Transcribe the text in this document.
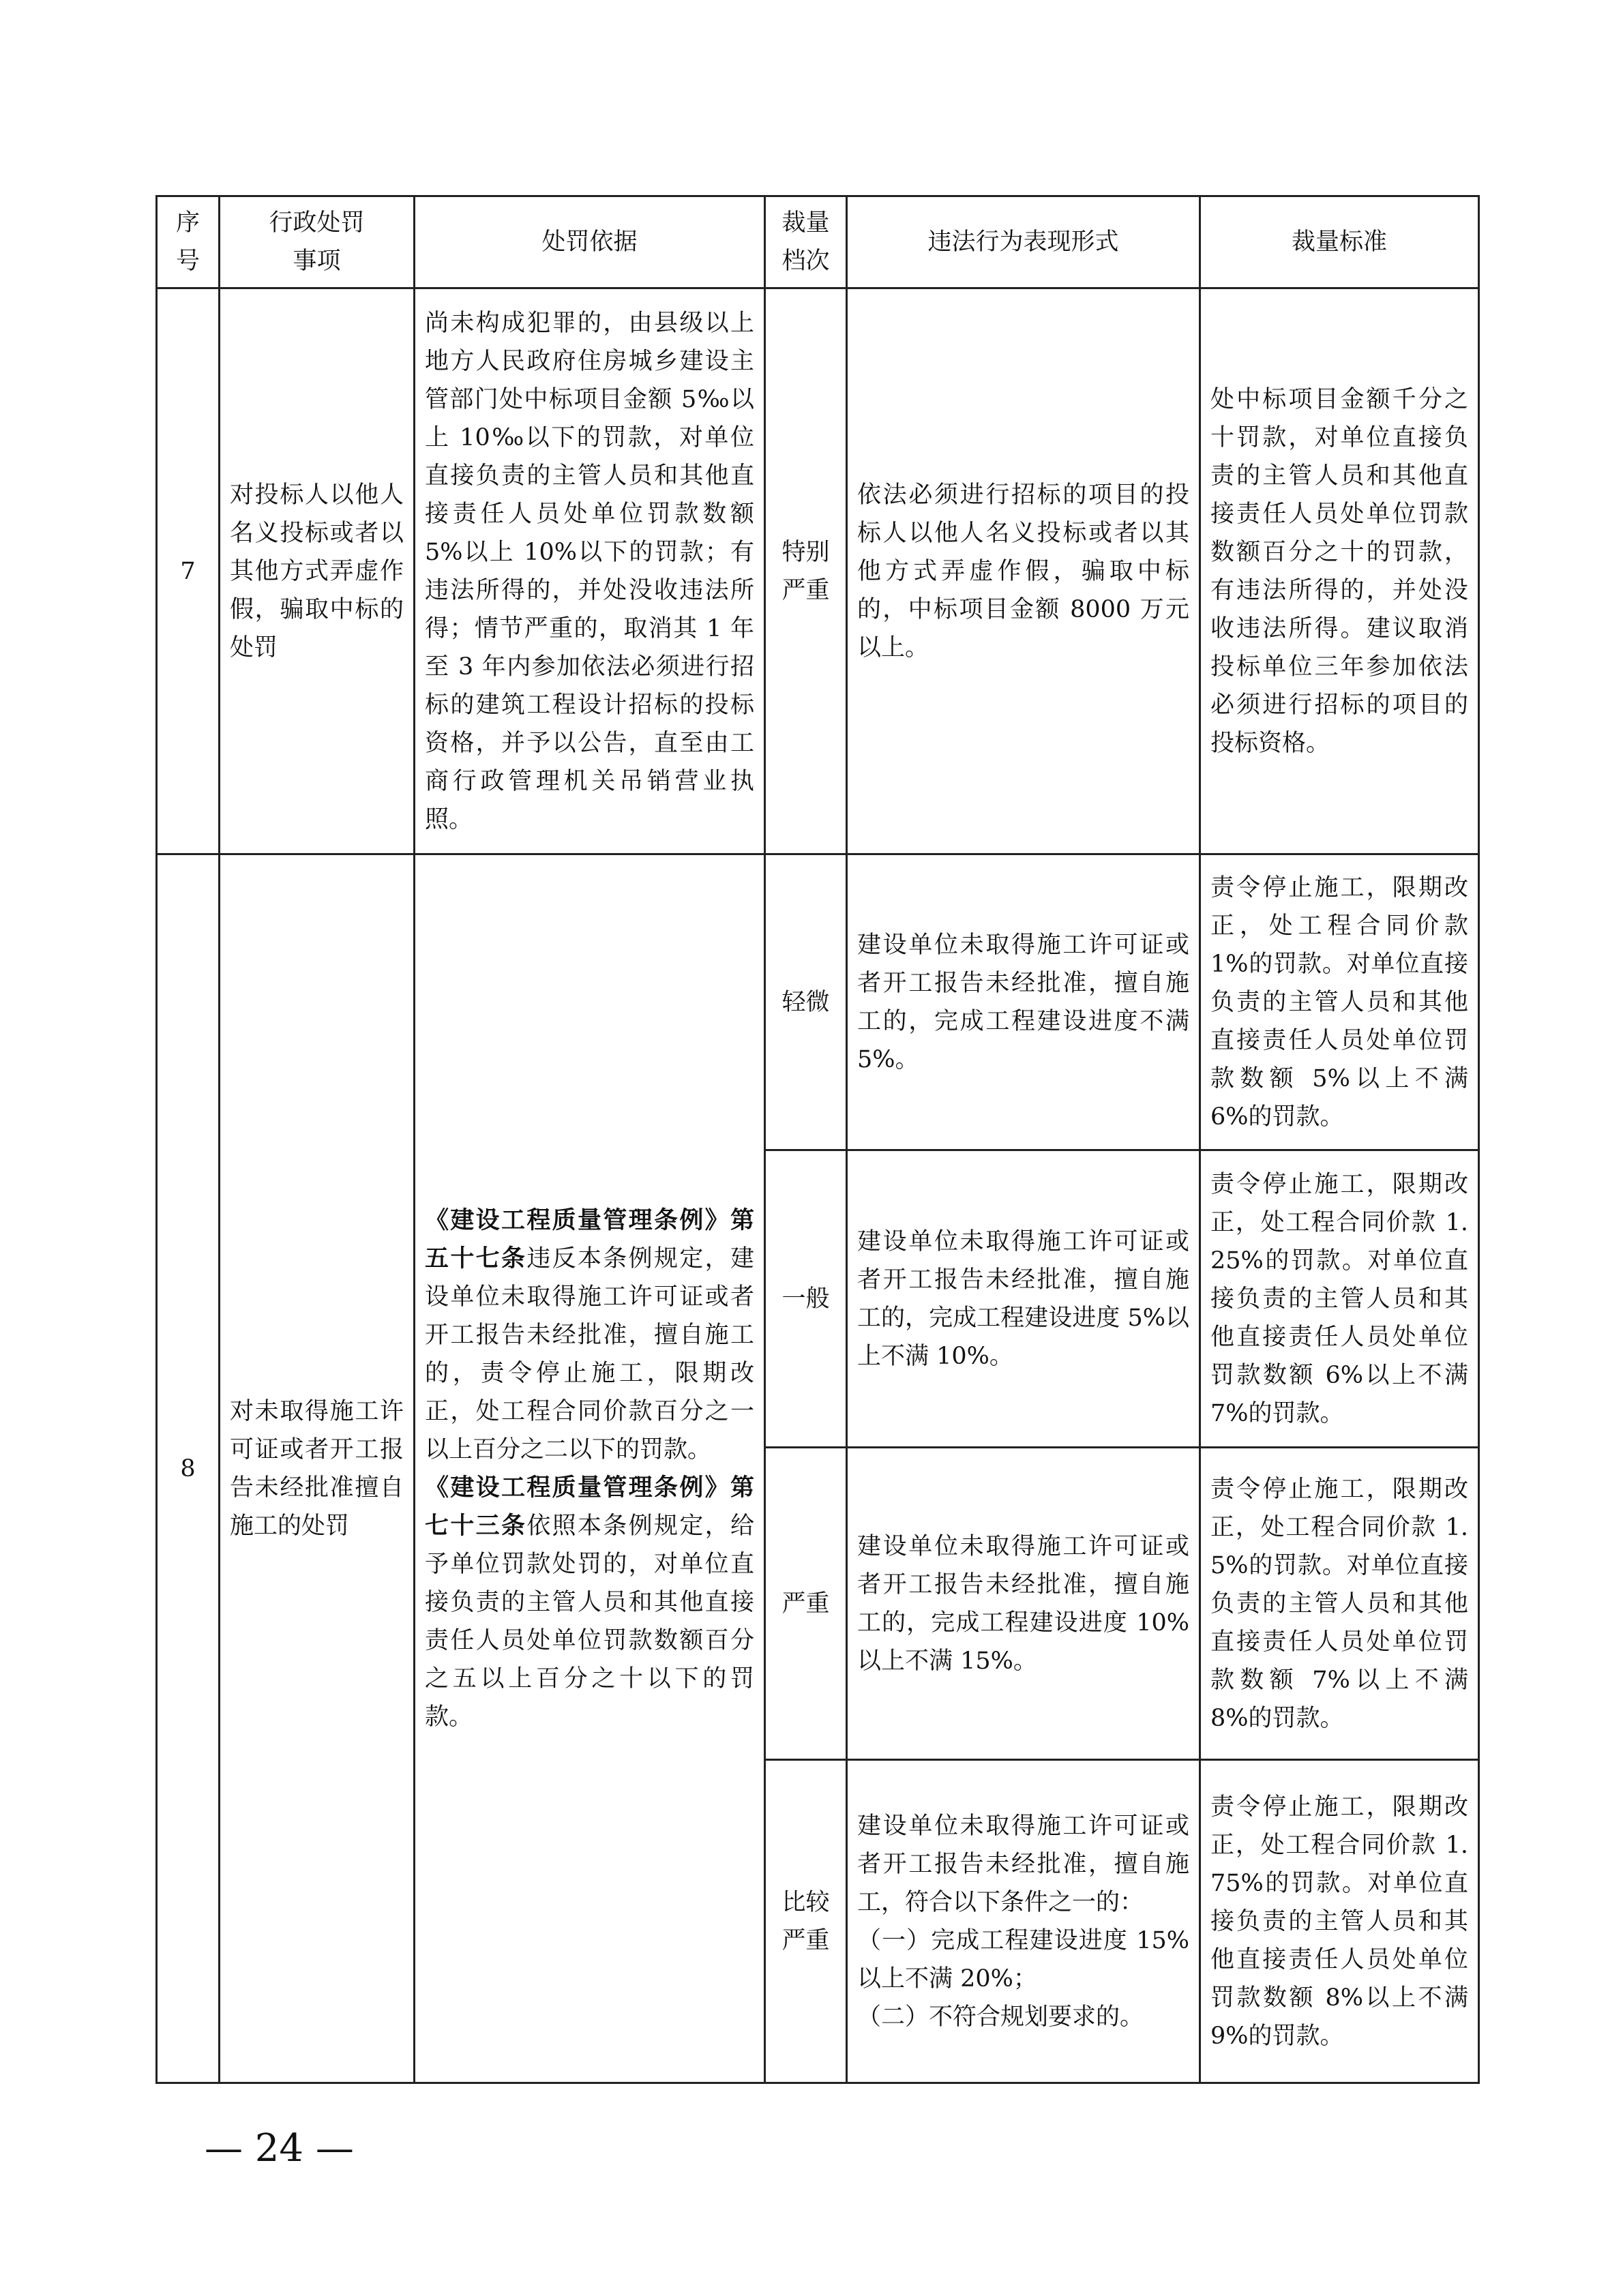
序号	行政处罚事项	处罚依据	裁量档次	违法行为表现形式	裁量标准
7	对投标人以他人名义投标或者以其他方式弄虚作假，骗取中标的处罚	尚未构成犯罪的，由县级以上地方人民政府住房城乡建设主管部门处中标项目金额 5‰以上 10‰以下的罚款，对单位直接负责的主管人员和其他直接责任人员处单位罚款数额 5%以上 10%以下的罚款；有违法所得的，并处没收违法所得；情节严重的，取消其 1 年至 3 年内参加依法必须进行招标的建筑工程设计招标的投标资格，并予以公告，直至由工商行政管理机关吊销营业执照。	特别严重	依法必须进行招标的项目的投标人以他人名义投标或者以其他方式弄虚作假，骗取中标的，中标项目金额 8000 万元以上。	处中标项目金额千分之十罚款，对单位直接负责的主管人员和其他直接责任人员处单位罚款数额百分之十的罚款，有违法所得的，并处没收违法所得。建议取消投标单位三年参加依法必须进行招标的项目的投标资格。
8	对未取得施工许可证或者开工报告未经批准擅自施工的处罚	《建设工程质量管理条例》第五十七条违反本条例规定，建设单位未取得施工许可证或者开工报告未经批准，擅自施工的，责令停止施工，限期改正，处工程合同价款百分之一以上百分之二以下的罚款。
《建设工程质量管理条例》第七十三条依照本条例规定，给予单位罚款处罚的，对单位直接负责的主管人员和其他直接责任人员处单位罚款数额百分之五以上百分之十以下的罚款。	轻微	建设单位未取得施工许可证或者开工报告未经批准，擅自施工的，完成工程建设进度不满 5%。	责令停止施工，限期改正，处工程合同价款 1%的罚款。对单位直接负责的主管人员和其他直接责任人员处单位罚款数额 5%以上不满 6%的罚款。
			一般	建设单位未取得施工许可证或者开工报告未经批准，擅自施工的，完成工程建设进度 5%以上不满 10%。	责令停止施工，限期改正，处工程合同价款 1.25%的罚款。对单位直接负责的主管人员和其他直接责任人员处单位罚款数额 6%以上不满 7%的罚款。
			严重	建设单位未取得施工许可证或者开工报告未经批准，擅自施工的，完成工程建设进度 10%以上不满 15%。	责令停止施工，限期改正，处工程合同价款 1.5%的罚款。对单位直接负责的主管人员和其他直接责任人员处单位罚款数额 7%以上不满 8%的罚款。
			比较严重	建设单位未取得施工许可证或者开工报告未经批准，擅自施工，符合以下条件之一的：
（一）完成工程建设进度 15%以上不满 20%；
（二）不符合规划要求的。	责令停止施工，限期改正，处工程合同价款 1.75%的罚款。对单位直接负责的主管人员和其他直接责任人员处单位罚款数额 8%以上不满 9%的罚款。
— 24 —
